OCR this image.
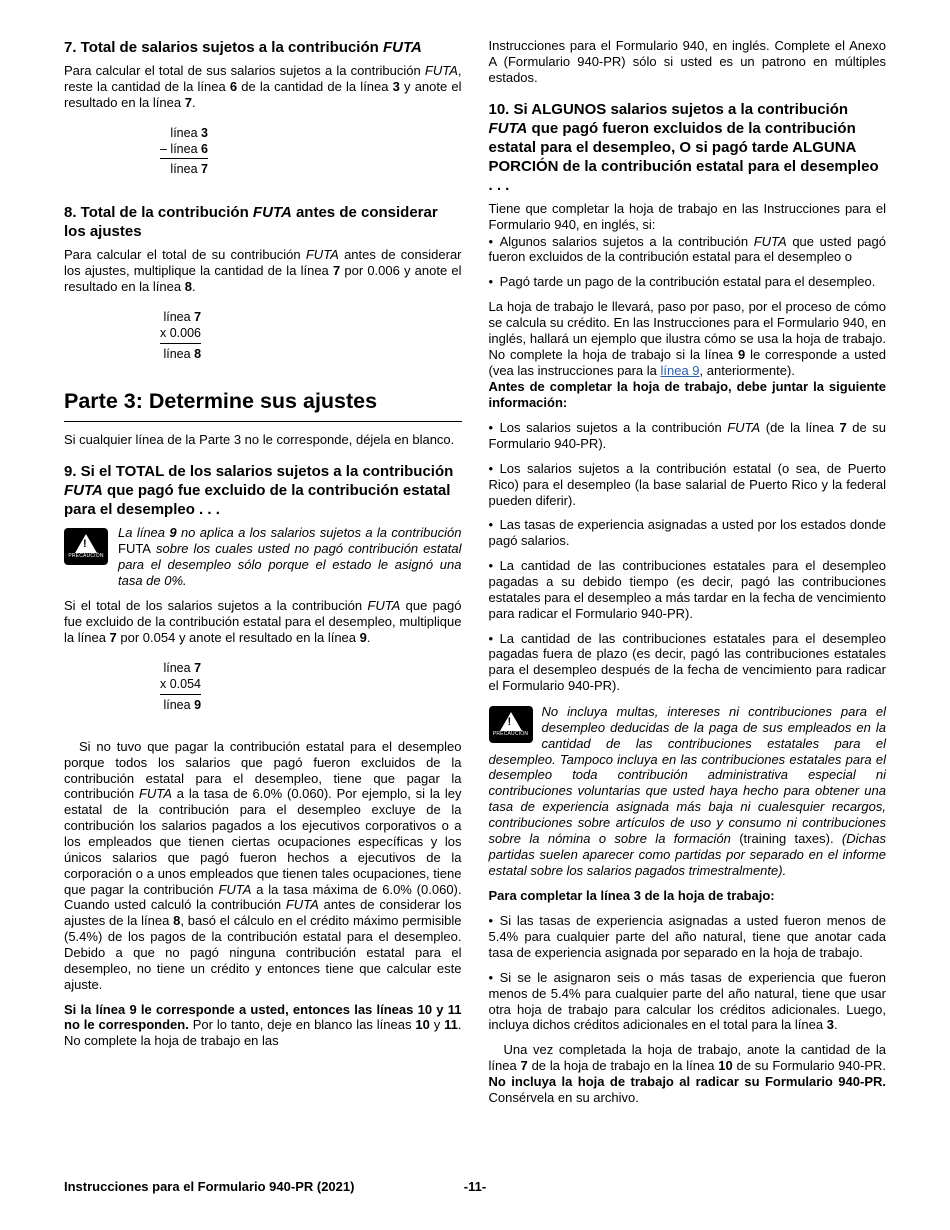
7. Total de salarios sujetos a la contribución FUTA

Para calcular el total de sus salarios sujetos a la contribución FUTA, reste la cantidad de la línea 6 de la cantidad de la línea 3 y anote el resultado en la línea 7.

línea 3
– línea 6
línea 7
8. Total de la contribución FUTA antes de considerar los ajustes

Para calcular el total de su contribución FUTA antes de considerar los ajustes, multiplique la cantidad de la línea 7 por 0.006 y anote el resultado en la línea 8.

línea 7
x 0.006
línea 8
Parte 3: Determine sus ajustes

Si cualquier línea de la Parte 3 no le corresponde, déjela en blanco.

9. Si el TOTAL de los salarios sujetos a la contribución FUTA que pagó fue excluido de la contribución estatal para el desempleo . . .
!
PRECAUCIÓN
La línea 9 no aplica a los salarios sujetos a la contribución FUTA sobre los cuales usted no pagó contribución estatal para el desempleo sólo porque el estado le asignó una tasa de 0%.

Si el total de los salarios sujetos a la contribución FUTA que pagó fue excluido de la contribución estatal para el desempleo, multiplique la línea 7 por 0.054 y anote el resultado en la línea 9.

línea 7
x 0.054
línea 9

Si no tuvo que pagar la contribución estatal para el desempleo porque todos los salarios que pagó fueron excluidos de la contribución estatal para el desempleo, tiene que pagar la contribución FUTA a la tasa de 6.0% (0.060). Por ejemplo, si la ley estatal de la contribución para el desempleo excluye de la contribución los salarios pagados a los ejecutivos corporativos o a los empleados que tienen ciertas ocupaciones específicas y los únicos salarios que pagó fueron hechos a ejecutivos de la corporación o a unos empleados que tienen tales ocupaciones, tiene que pagar la contribución FUTA a la tasa máxima de 6.0% (0.060). Cuando usted calculó la contribución FUTA antes de considerar los ajustes de la línea 8, basó el cálculo en el crédito máximo permisible (5.4%) de los pagos de la contribución estatal para el desempleo. Debido a que no pagó ninguna contribución estatal para el desempleo, no tiene un crédito y entonces tiene que calcular este ajuste.

Si la línea 9 le corresponde a usted, entonces las líneas 10 y 11 no le corresponden. Por lo tanto, deje en blanco las líneas 10 y 11. No complete la hoja de trabajo en las

Instrucciones para el Formulario 940, en inglés. Complete el Anexo A (Formulario 940-PR) sólo si usted es un patrono en múltiples estados.

10. Si ALGUNOS salarios sujetos a la contribución FUTA que pagó fueron excluidos de la contribución estatal para el desempleo, O si pagó tarde ALGUNA PORCIÓN de la contribución estatal para el desempleo . . .

Tiene que completar la hoja de trabajo en las Instrucciones para el Formulario 940, en inglés, si:

• Algunos salarios sujetos a la contribución FUTA que usted pagó fueron excluidos de la contribución estatal para el desempleo o

• Pagó tarde un pago de la contribución estatal para el desempleo.

La hoja de trabajo le llevará, paso por paso, por el proceso de cómo se calcula su crédito. En las Instrucciones para el Formulario 940, en inglés, hallará un ejemplo que ilustra cómo se usa la hoja de trabajo. No complete la hoja de trabajo si la línea 9 le corresponde a usted (vea las instrucciones para la línea 9, anteriormente).

Antes de completar la hoja de trabajo, debe juntar la siguiente información:

• Los salarios sujetos a la contribución FUTA (de la línea 7 de su Formulario 940-PR).

• Los salarios sujetos a la contribución estatal (o sea, de Puerto Rico) para el desempleo (la base salarial de Puerto Rico y la federal pueden diferir).

• Las tasas de experiencia asignadas a usted por los estados donde pagó salarios.

• La cantidad de las contribuciones estatales para el desempleo pagadas a su debido tiempo (es decir, pagó las contribuciones estatales para el desempleo a más tardar en la fecha de vencimiento para radicar el Formulario 940-PR).

• La cantidad de las contribuciones estatales para el desempleo pagadas fuera de plazo (es decir, pagó las contribuciones estatales para el desempleo después de la fecha de vencimiento para radicar el Formulario 940-PR).

!
PRECAUCIÓN
No incluya multas, intereses ni contribuciones para el desempleo deducidas de la paga de sus empleados en la cantidad de las contribuciones estatales para el desempleo. Tampoco incluya en las contribuciones estatales para el desempleo toda contribución administrativa especial ni contribuciones voluntarias que usted haya hecho para obtener una tasa de experiencia asignada más baja ni cualesquier recargos, contribuciones sobre artículos de uso y consumo ni contribuciones sobre la nómina o sobre la formación (training taxes). (Dichas partidas suelen aparecer como partidas por separado en el informe estatal sobre los salarios pagados trimestralmente).

Para completar la línea 3 de la hoja de trabajo:

• Si las tasas de experiencia asignadas a usted fueron menos de 5.4% para cualquier parte del año natural, tiene que anotar cada tasa de experiencia asignada por separado en la hoja de trabajo.

• Si se le asignaron seis o más tasas de experiencia que fueron menos de 5.4% para cualquier parte del año natural, tiene que usar otra hoja de trabajo para calcular los créditos adicionales. Luego, incluya dichos créditos adicionales en el total para la línea 3.

Una vez completada la hoja de trabajo, anote la cantidad de la línea 7 de la hoja de trabajo en la línea 10 de su Formulario 940-PR. No incluya la hoja de trabajo al radicar su Formulario 940-PR. Consérvela en su archivo.

Instrucciones para el Formulario 940-PR (2021)	-11-
